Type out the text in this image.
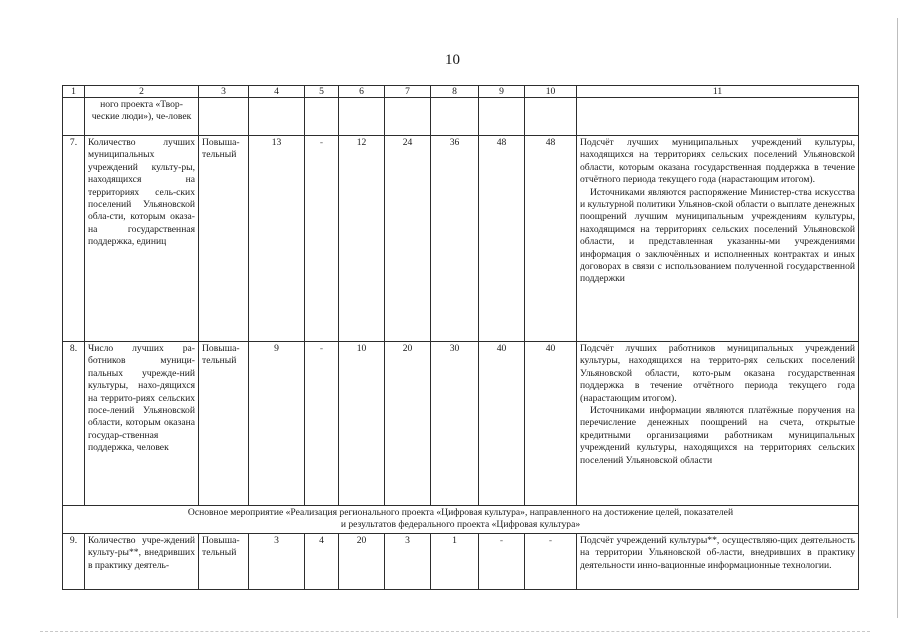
10
1	2	3	4	5	6	7	8	9	10	11
	ного проекта «Твор-ческие люди»), че-ловек									
7.	Количество лучших муниципальных учреждений культу-ры, находящихся на территориях сель-ских поселений Ульяновской обла-сти, которым оказа-на государственная поддержка, единиц	Повыша-тельный	13	-	12	24	36	48	48	Подсчёт лучших муниципальных учреждений культуры, находящихся на территориях сельских поселений Ульяновской области, которым оказана государственная поддержка в течение отчётного периода текущего года (нарастающим итогом).
Источниками являются распоряжение Министер-ства искусства и культурной политики Ульянов-ской области о выплате денежных поощрений лучшим муниципальным учреждениям культуры, находящимся на территориях сельских поселений Ульяновской области, и представленная указанны-ми учреждениями информация о заключённых и исполненных контрактах и иных договорах в связи с использованием полученной государственной поддержки

8.	Число лучших ра-ботников муници-пальных учрежде-ний культуры, нахо-дящихся на террито-риях сельских посе-лений Ульяновской области, которым оказана государ-ственная поддержка, человек	Повыша-тельный	9	-	10	20	30	40	40	Подсчёт лучших работников муниципальных учреждений культуры, находящихся на террито-рях сельских поселений Ульяновской области, кото-рым оказана государственная поддержка в течение отчётного периода текущего года (нарастающим итогом).
Источниками информации являются платёжные поручения на перечисление денежных поощрений на счета, открытые кредитными организациями работникам муниципальных учреждений культуры, находящихся на территориях сельских поселений Ульяновской области

Основное мероприятие «Реализация регионального проекта «Цифровая культура», направленного на достижение целей, показателей
и результатов федерального проекта «Цифровая культура»										

9.	Количество учре-ждений культу-ры**, внедривших в практику деятель-	Повыша-тельный	3	4	20	3	1	-	-	Подсчёт учреждений культуры**, осуществляю-щих деятельность на территории Ульяновской об-ласти, внедривших в практику деятельности инно-вационные информационные технологии.
